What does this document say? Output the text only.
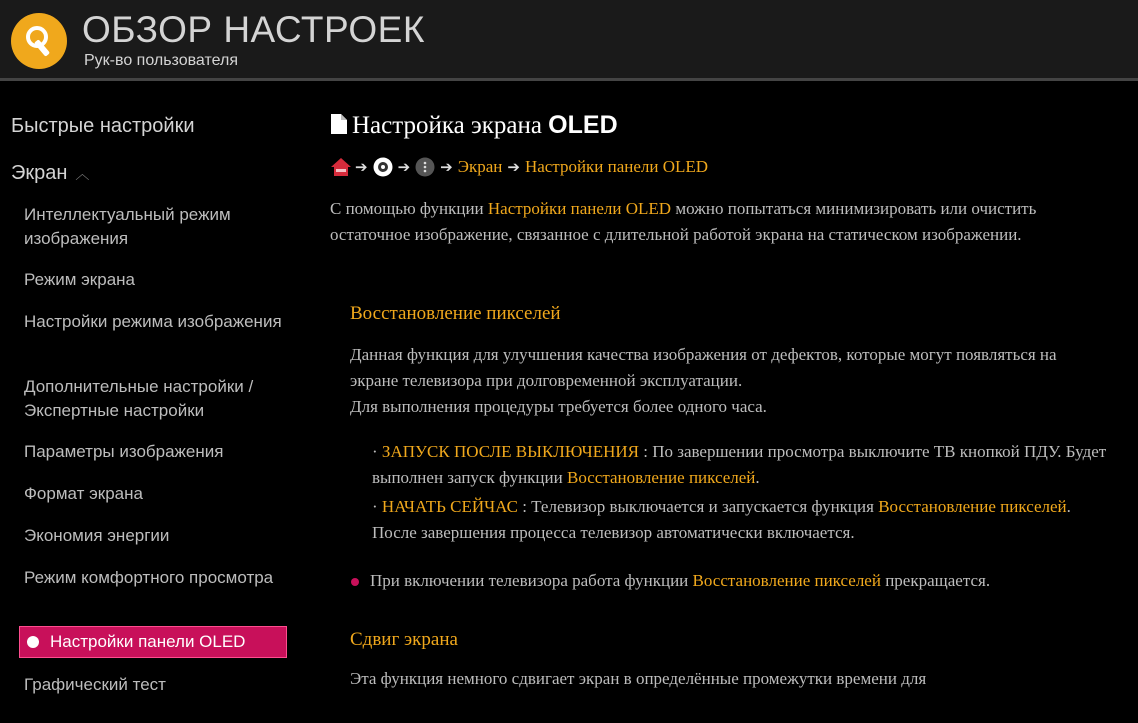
ОБЗОР НАСТРОЕК
Рук-во пользователя
Быстрые настройки
Экран ︿
Интеллектуальный режим изображения
Режим экрана
Настройки режима изображения
Дополнительные настройки / Экспертные настройки
Параметры изображения
Формат экрана
Экономия энергии
Режим комфортного просмотра
Настройки панели OLED
Графический тест
Настройка экрана OLED
➔ ➔ ➔ Экран ➔ Настройки панели OLED
С помощью функции Настройки панели OLED можно попытаться минимизировать или очистить остаточное изображение, связанное с длительной работой экрана на статическом изображении.
Восстановление пикселей
Данная функция для улучшения качества изображения от дефектов, которые могут появляться на экране телевизора при долговременной эксплуатации.
Для выполнения процедуры требуется более одного часа.
· ЗАПУСК ПОСЛЕ ВЫКЛЮЧЕНИЯ : По завершении просмотра выключите ТВ кнопкой ПДУ. Будет выполнен запуск функции Восстановление пикселей.
· НАЧАТЬ СЕЙЧАС : Телевизор выключается и запускается функция Восстановление пикселей. После завершения процесса телевизор автоматически включается.
При включении телевизора работа функции Восстановление пикселей прекращается.
Сдвиг экрана
Эта функция немного сдвигает экран в определённые промежутки времени для
